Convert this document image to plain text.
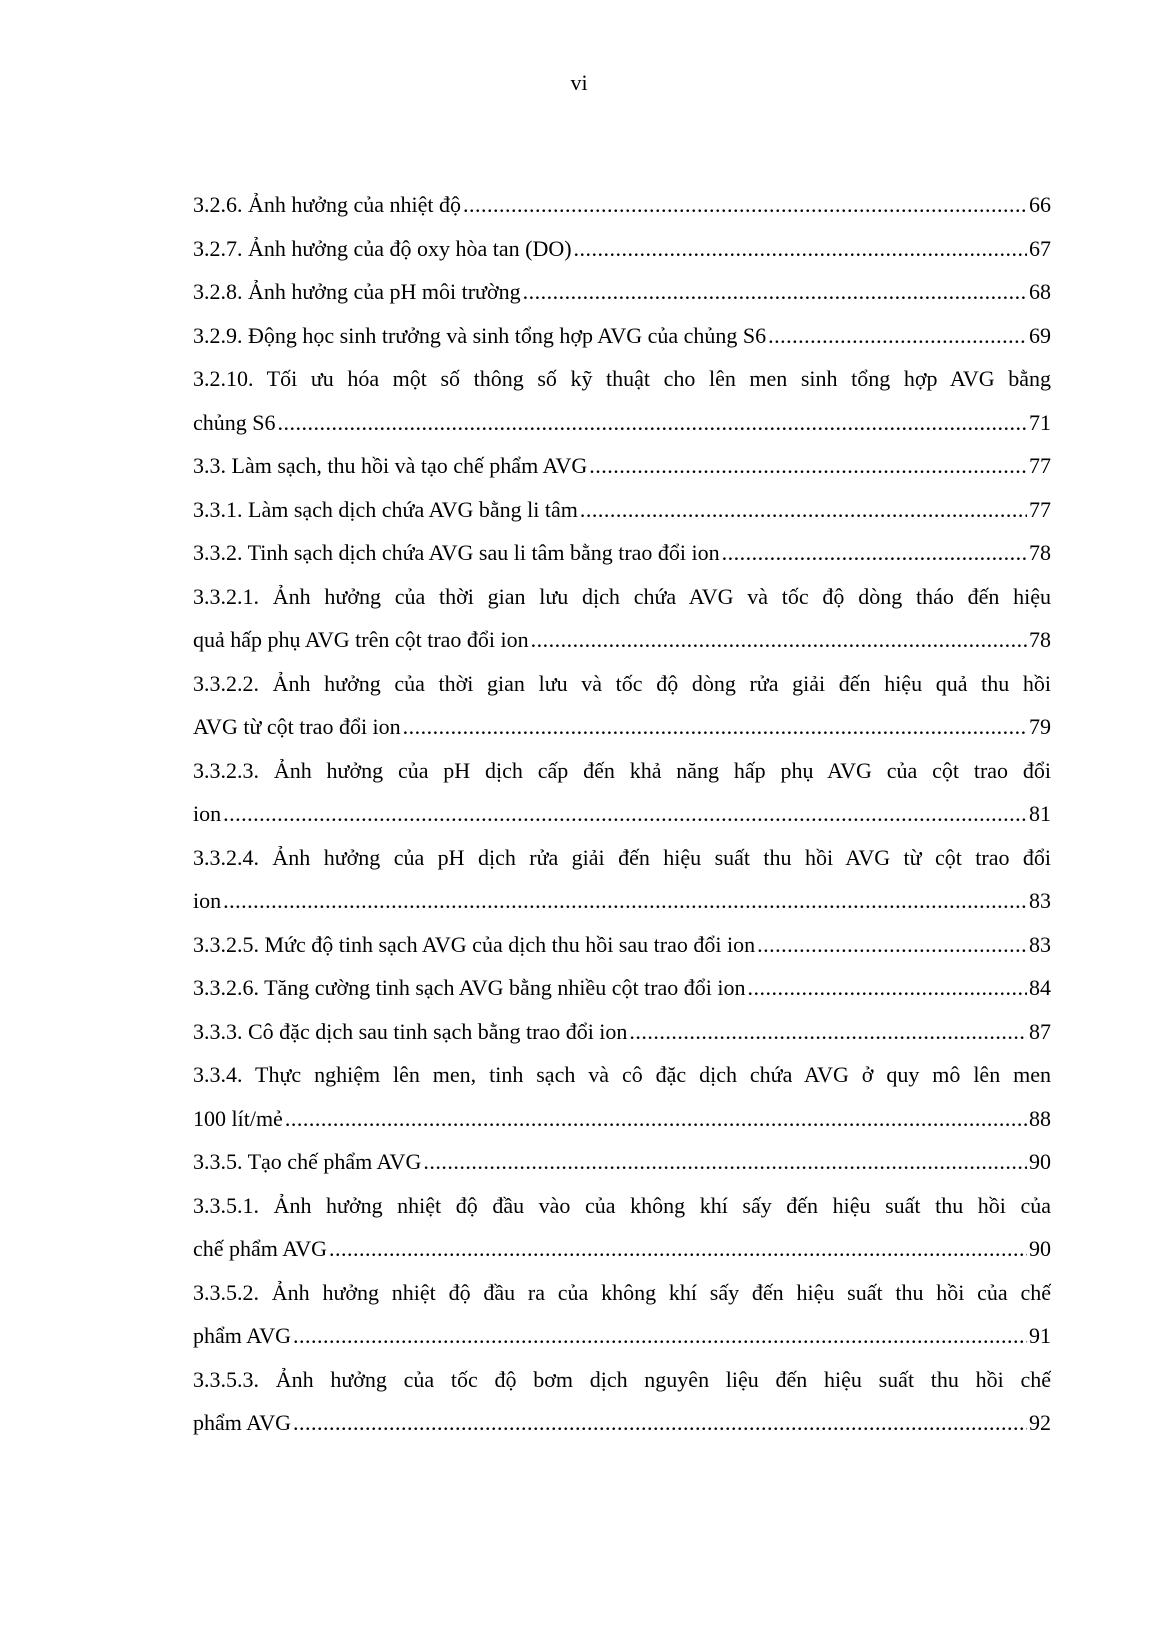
vi
3.2.6. Ảnh hưởng của nhiệt độ .....	66
3.2.7. Ảnh hưởng của độ oxy hòa tan (DO) .....	67
3.2.8. Ảnh hưởng của pH môi trường .....	68
3.2.9. Động học sinh trưởng và sinh tổng hợp AVG của chủng S6 .....	69
3.2.10. Tối ưu hóa một số thông số kỹ thuật cho lên men sinh tổng hợp AVG bằng
chủng S6 .....	71
3.3. Làm sạch, thu hồi và tạo chế phẩm AVG .....	77
3.3.1. Làm sạch dịch chứa AVG bằng li tâm .....	77
3.3.2. Tinh sạch dịch chứa AVG sau li tâm bằng trao đổi ion .....	78
3.3.2.1. Ảnh hưởng của thời gian lưu dịch chứa AVG và tốc độ dòng tháo đến hiệu
quả hấp phụ AVG trên cột trao đổi ion .....	78
3.3.2.2. Ảnh hưởng của thời gian lưu và tốc độ dòng rửa giải đến hiệu quả thu hồi
AVG từ cột trao đổi ion .....	79
3.3.2.3. Ảnh hưởng của pH dịch cấp đến khả năng hấp phụ AVG của cột trao đổi
ion .....	81
3.3.2.4. Ảnh hưởng của pH dịch rửa giải đến hiệu suất thu hồi AVG từ cột trao đổi
ion .....	83
3.3.2.5. Mức độ tinh sạch AVG của dịch thu hồi sau trao đổi ion .....	83
3.3.2.6. Tăng cường tinh sạch AVG bằng nhiều cột trao đổi ion .....	84
3.3.3. Cô đặc dịch sau tinh sạch bằng trao đổi ion .....	87
3.3.4. Thực nghiệm lên men, tinh sạch và cô đặc dịch chứa AVG ở quy mô lên men
100 lít/mẻ .....	88
3.3.5. Tạo chế phẩm AVG .....	90
3.3.5.1. Ảnh hưởng nhiệt độ đầu vào của không khí sấy đến hiệu suất thu hồi của
chế phẩm AVG .....	90
3.3.5.2. Ảnh hưởng nhiệt độ đầu ra của không khí sấy đến hiệu suất thu hồi của chế
phẩm AVG .....	91
3.3.5.3. Ảnh hưởng của tốc độ bơm dịch nguyên liệu đến hiệu suất thu hồi chế
phẩm AVG .....	92
